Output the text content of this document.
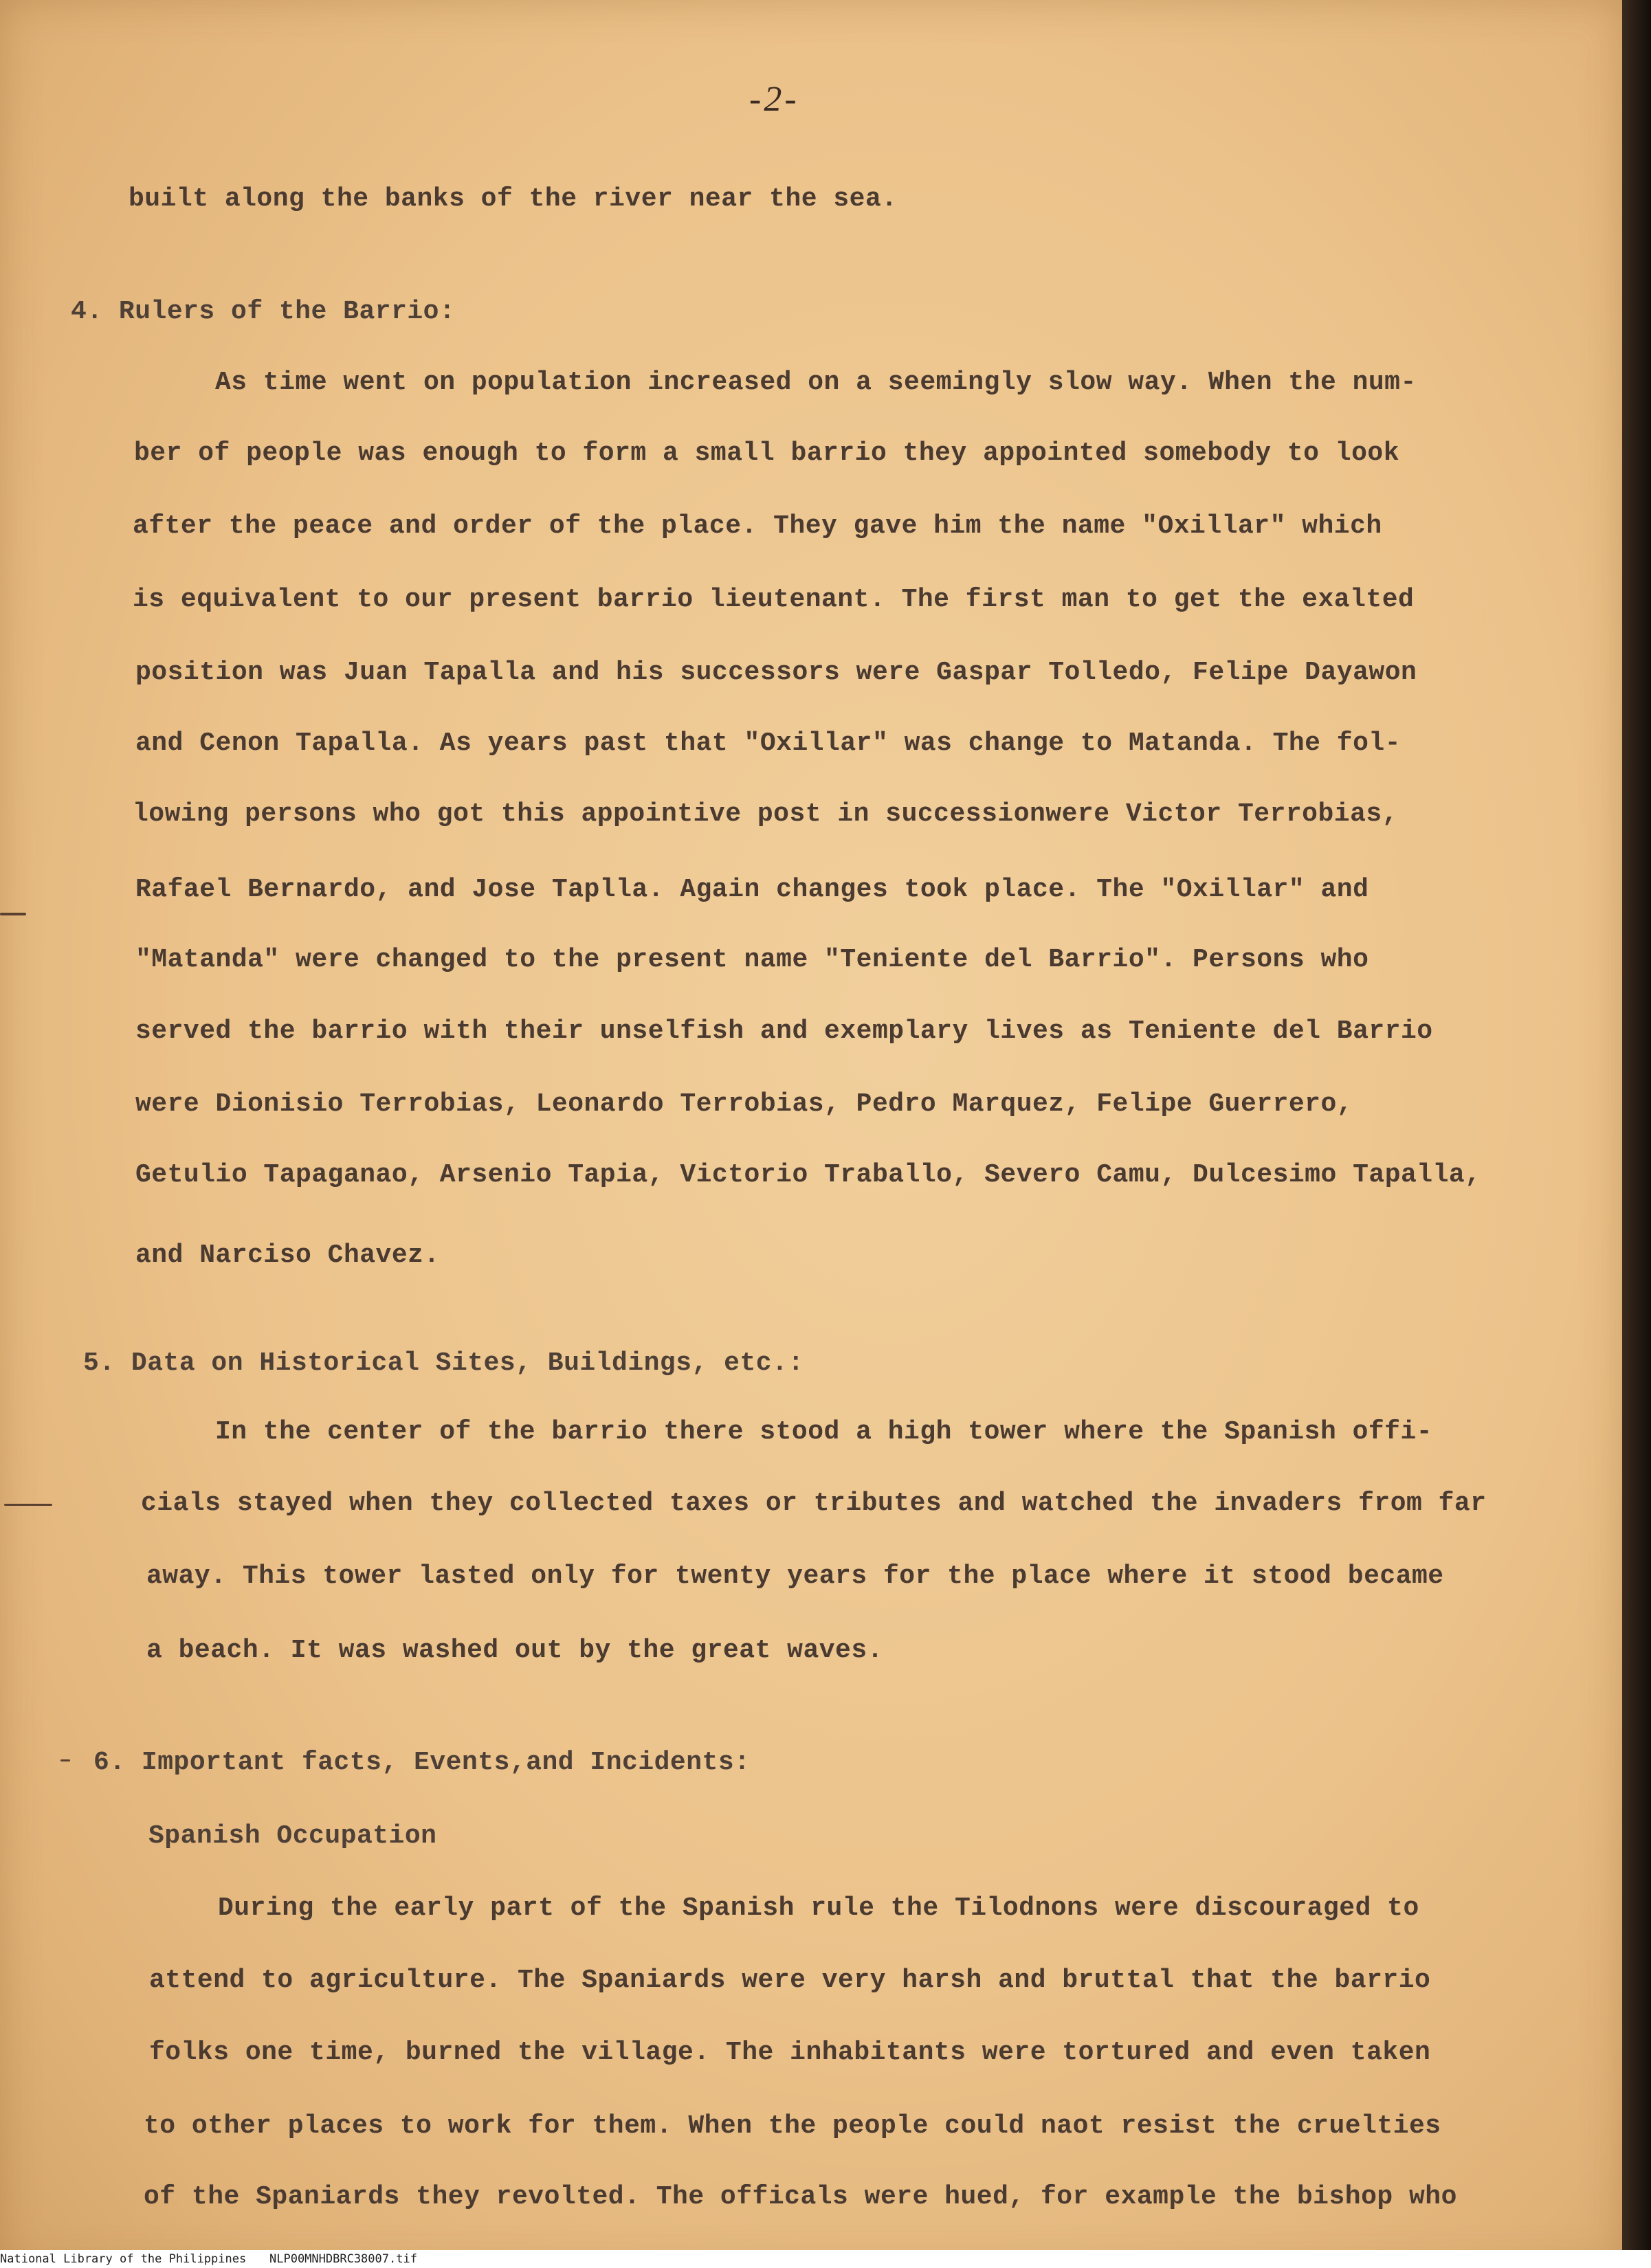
-2-
built along the banks of the river near the sea.
4. Rulers of the Barrio:
As time went on population increased on a seemingly slow way. When the num-
ber of people was enough to form a small barrio they appointed somebody to look
after the peace and order of the place. They gave him the name "Oxillar" which
is equivalent to our present barrio lieutenant. The first man to get the exalted
position was Juan Tapalla and his successors were Gaspar Tolledo, Felipe Dayawon
and Cenon Tapalla. As years past that "Oxillar" was change to Matanda. The fol-
lowing persons who got this appointive post in successionwere Victor Terrobias,
Rafael Bernardo, and Jose Taplla. Again changes took place. The "Oxillar" and
"Matanda" were changed to the present name "Teniente del Barrio". Persons who
served the barrio with their unselfish and exemplary lives as Teniente del Barrio
were Dionisio Terrobias, Leonardo Terrobias, Pedro Marquez, Felipe Guerrero,
Getulio Tapaganao, Arsenio Tapia, Victorio Traballo, Severo Camu, Dulcesimo Tapalla,
and Narciso Chavez.
5. Data on Historical Sites, Buildings, etc.:
In the center of the barrio there stood a high tower where the Spanish offi-
cials stayed when they collected taxes or tributes and watched the invaders from far
away. This tower lasted only for twenty years for the place where it stood became
a beach. It was washed out by the great waves.
6. Important facts, Events,and Incidents:
Spanish Occupation
During the early part of the Spanish rule the Tilodnons were discouraged to
attend to agriculture. The Spaniards were very harsh and bruttal that the barrio
folks one time, burned the village. The inhabitants were tortured and even taken
to other places to work for them. When the people could naot resist the cruelties
of the Spaniards they revolted. The officals were hued, for example the bishop who
National Library of the Philippines NLP00MNHDBRC38007.tif
